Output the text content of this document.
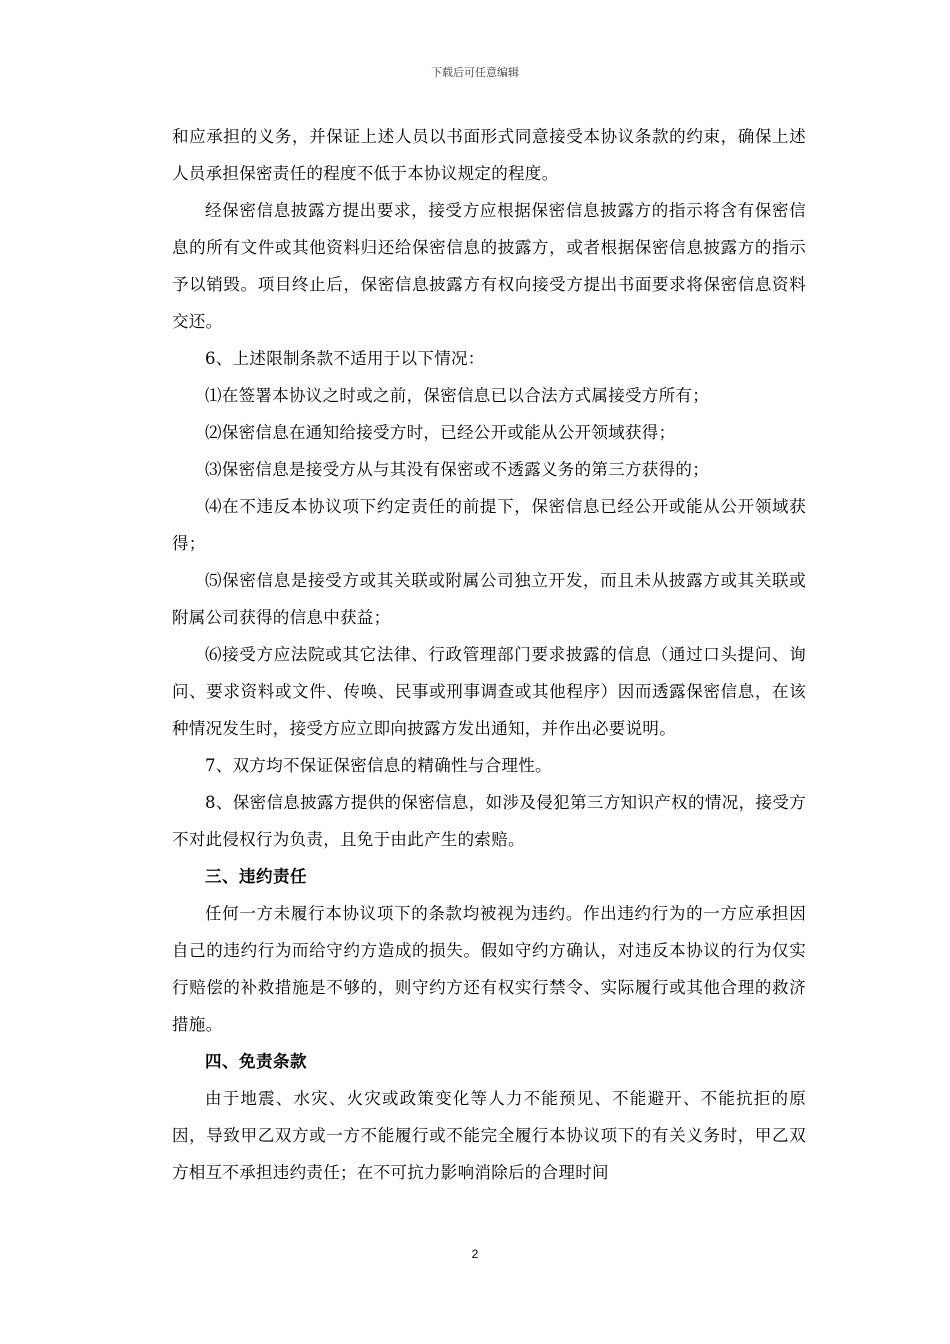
下载后可任意编辑

和应承担的义务，并保证上述人员以书面形式同意接受本协议条款的约束，确保上述人员承担保密责任的程度不低于本协议规定的程度。

经保密信息披露方提出要求，接受方应根据保密信息披露方的指示将含有保密信息的所有文件或其他资料归还给保密信息的披露方，或者根据保密信息披露方的指示予以销毁。项目终止后，保密信息披露方有权向接受方提出书面要求将保密信息资料交还。

6、上述限制条款不适用于以下情况：

⑴在签署本协议之时或之前，保密信息已以合法方式属接受方所有；

⑵保密信息在通知给接受方时，已经公开或能从公开领域获得；

⑶保密信息是接受方从与其没有保密或不透露义务的第三方获得的；

⑷在不违反本协议项下约定责任的前提下，保密信息已经公开或能从公开领域获得；

⑸保密信息是接受方或其关联或附属公司独立开发，而且未从披露方或其关联或附属公司获得的信息中获益；

⑹接受方应法院或其它法律、行政管理部门要求披露的信息（通过口头提问、询问、要求资料或文件、传唤、民事或刑事调查或其他程序）因而透露保密信息，在该种情况发生时，接受方应立即向披露方发出通知，并作出必要说明。

7、双方均不保证保密信息的精确性与合理性。

8、保密信息披露方提供的保密信息，如涉及侵犯第三方知识产权的情况，接受方不对此侵权行为负责，且免于由此产生的索赔。

三、违约责任

任何一方未履行本协议项下的条款均被视为违约。作出违约行为的一方应承担因自己的违约行为而给守约方造成的损失。假如守约方确认，对违反本协议的行为仅实行赔偿的补救措施是不够的，则守约方还有权实行禁令、实际履行或其他合理的救济措施。

四、免责条款

由于地震、水灾、火灾或政策变化等人力不能预见、不能避开、不能抗拒的原因，导致甲乙双方或一方不能履行或不能完全履行本协议项下的有关义务时，甲乙双方相互不承担违约责任；在不可抗力影响消除后的合理时间

2
